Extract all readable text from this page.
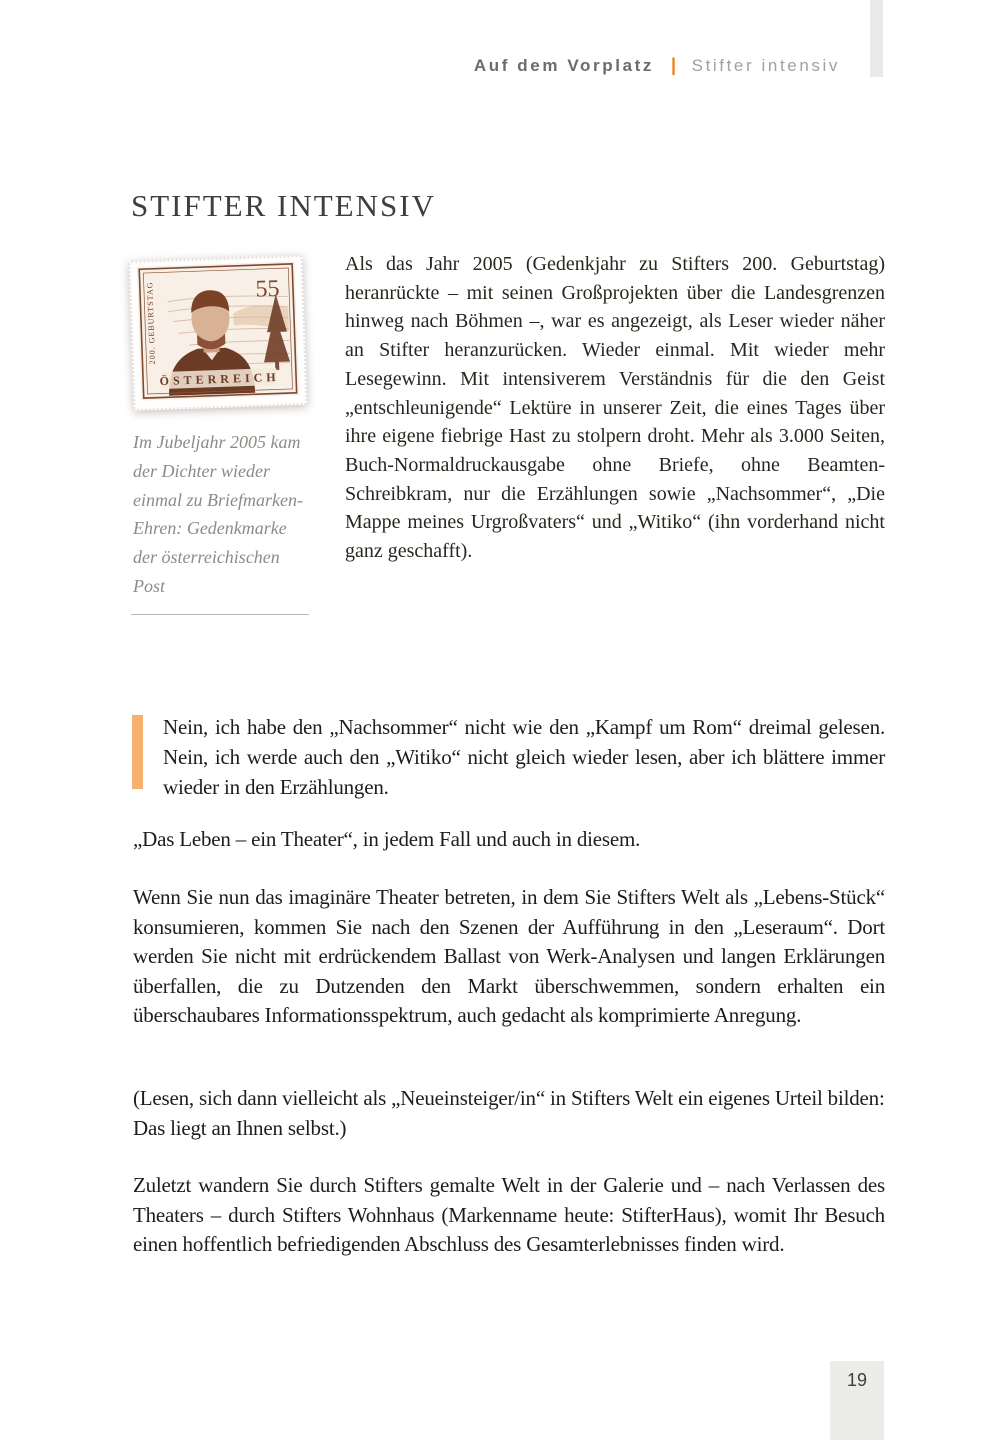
Auf dem Vorplatz | Stifter intensiv
STIFTER INTENSIV
55
200. GEBURTSTAG
ÖSTERREICH
Im Jubeljahr 2005 kam der Dichter wieder einmal zu Briefmarken-Ehren: Gedenkmarke der österreichischen Post

Als das Jahr 2005 (Gedenkjahr zu Stifters 200. Geburtstag) heranrückte – mit seinen Großprojekten über die Landesgrenzen hinweg nach Böhmen –, war es angezeigt, als Leser wieder näher an Stifter heranzurücken. Wieder einmal. Mit wieder mehr Lesegewinn. Mit intensiverem Verständnis für die den Geist „entschleunigende“ Lektüre in unserer Zeit, die eines Tages über ihre eigene fiebrige Hast zu stolpern droht. Mehr als 3.000 Seiten, Buch-Normaldruckausgabe ohne Briefe, ohne Beamten-Schreibkram, nur die Erzählungen sowie „Nachsommer“, „Die Mappe meines Urgroßvaters“ und „Witiko“ (ihn vorderhand nicht ganz geschafft).

Nein, ich habe den „Nachsommer“ nicht wie den „Kampf um Rom“ dreimal gelesen. Nein, ich werde auch den „Witiko“ nicht gleich wieder lesen, aber ich blättere immer wieder in den Erzählungen.

„Das Leben – ein Theater“, in jedem Fall und auch in diesem.

Wenn Sie nun das imaginäre Theater betreten, in dem Sie Stifters Welt als „Lebens-Stück“ konsumieren, kommen Sie nach den Szenen der Aufführung in den „Leseraum“. Dort werden Sie nicht mit erdrückendem Ballast von Werk-Analysen und langen Erklärungen überfallen, die zu Dutzenden den Markt überschwemmen, sondern erhalten ein überschaubares Informationsspektrum, auch gedacht als komprimierte Anregung.

(Lesen, sich dann vielleicht als „Neueinsteiger/in“ in Stifters Welt ein eigenes Urteil bilden: Das liegt an Ihnen selbst.)

Zuletzt wandern Sie durch Stifters gemalte Welt in der Galerie und – nach Verlassen des Theaters – durch Stifters Wohnhaus (Markenname heute: StifterHaus), womit Ihr Besuch einen hoffentlich befriedigenden Abschluss des Gesamterlebnisses finden wird.

19
